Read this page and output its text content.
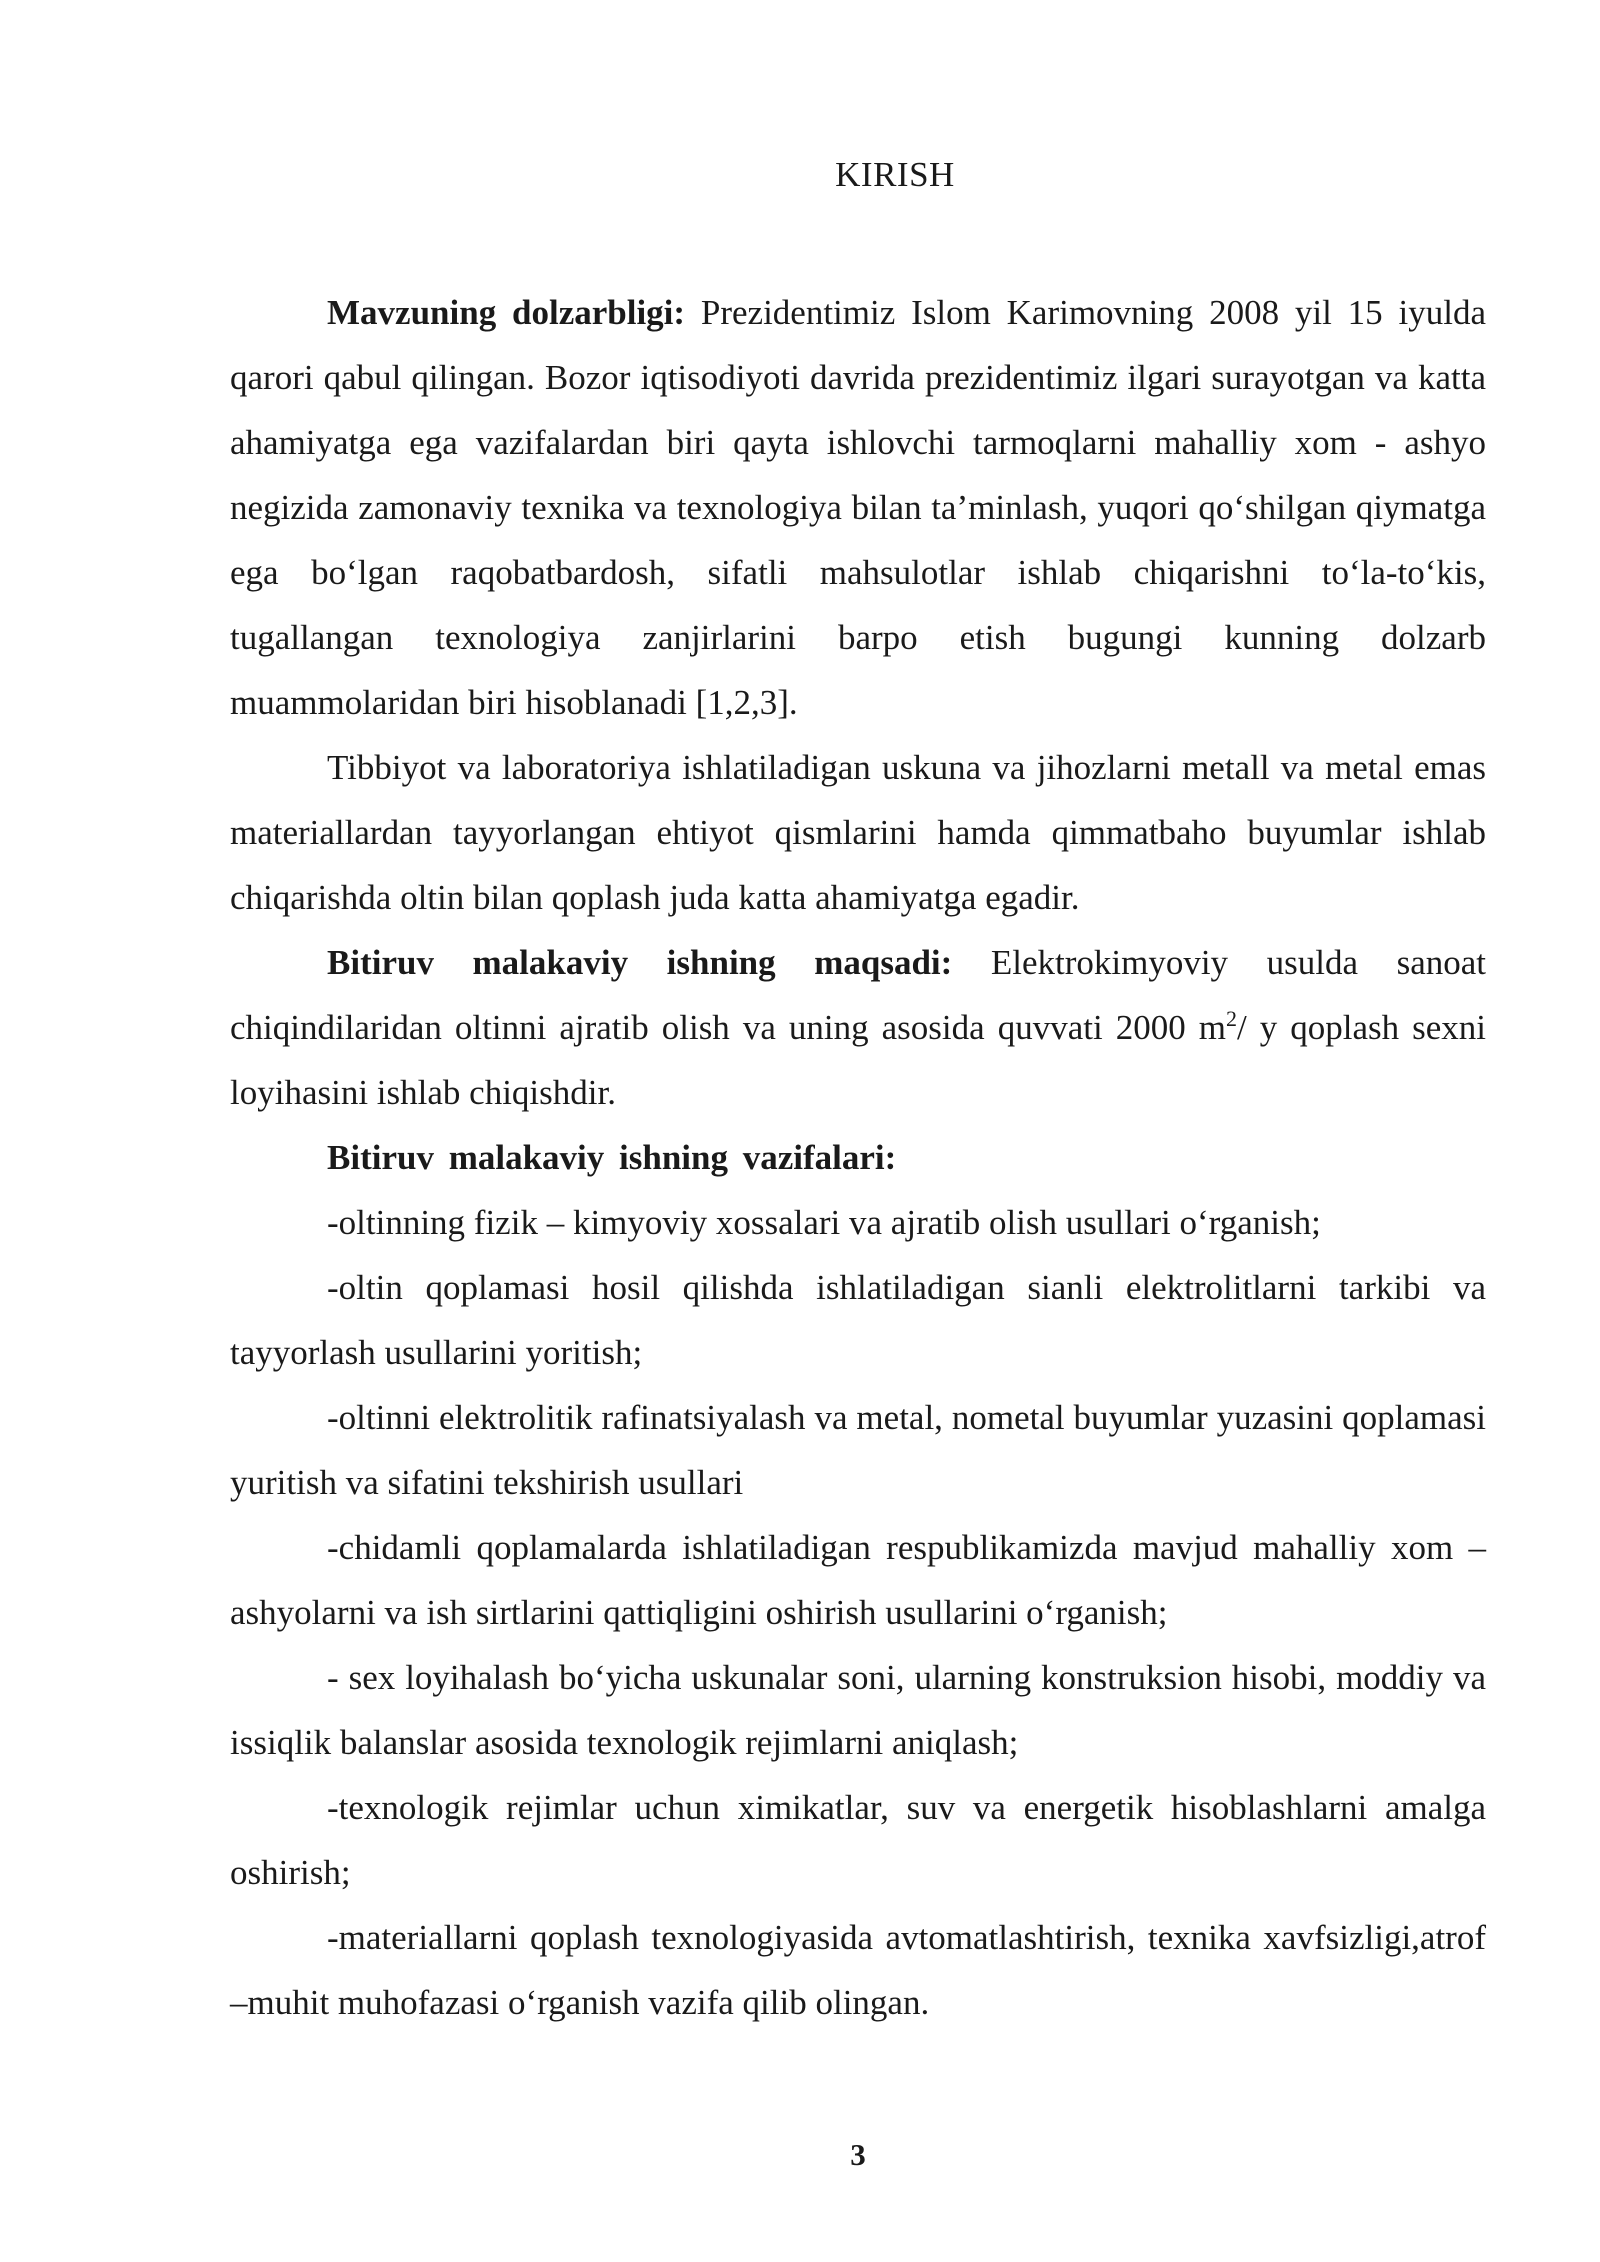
KIRISH

Mavzuning dolzarbligi: Prezidentimiz Islom Karimovning 2008 yil 15 iyulda qarori qabul qilingan. Bozor iqtisodiyoti davrida prezidentimiz ilgari surayotgan va katta ahamiyatga ega vazifalardan biri qayta ishlovchi tarmoqlarni mahalliy xom - ashyo negizida zamonaviy texnika va texnologiya bilan ta’minlash, yuqori qo‘shilgan qiymatga ega bo‘lgan raqobatbardosh, sifatli mahsulotlar ishlab chiqarishni to‘la-to‘kis, tugallangan texnologiya zanjirlarini barpo etish bugungi kunning dolzarb muammolaridan biri hisoblanadi [1,2,3].

Tibbiyot va laboratoriya ishlatiladigan uskuna va jihozlarni metall va metal emas materiallardan tayyorlangan ehtiyot qismlarini hamda qimmatbaho buyumlar ishlab chiqarishda oltin bilan qoplash juda katta ahamiyatga egadir.

Bitiruv malakaviy ishning maqsadi: Elektrokimyoviy usulda sanoat chiqindilaridan oltinni ajratib olish va uning asosida quvvati 2000 $m^2/$ y qoplash sexni loyihasini ishlab chiqishdir.

Bitiruv malakaviy ishning vazifalari:

-oltinning fizik – kimyoviy xossalari va ajratib olish usullari o‘rganish;

-oltin qoplamasi hosil qilishda ishlatiladigan sianli elektrolitlarni tarkibi va tayyorlash usullarini yoritish;

-oltinni elektrolitik rafinatsiyalash va metal, nometal buyumlar yuzasini qoplamasi yuritish va sifatini tekshirish usullari

-chidamli qoplamalarda ishlatiladigan respublikamizda mavjud mahalliy xom – ashyolarni va ish sirtlarini qattiqligini oshirish usullarini o‘rganish;

- sex loyihalash bo‘yicha uskunalar soni, ularning konstruksion hisobi, moddiy va issiqlik balanslar asosida texnologik rejimlarni aniqlash;

-texnologik rejimlar uchun ximikatlar, suv va energetik hisoblashlarni amalga oshirish;

-materiallarni qoplash texnologiyasida avtomatlashtirish, texnika xavfsizligi,atrof –muhit muhofazasi o‘rganish vazifa qilib olingan.

3
